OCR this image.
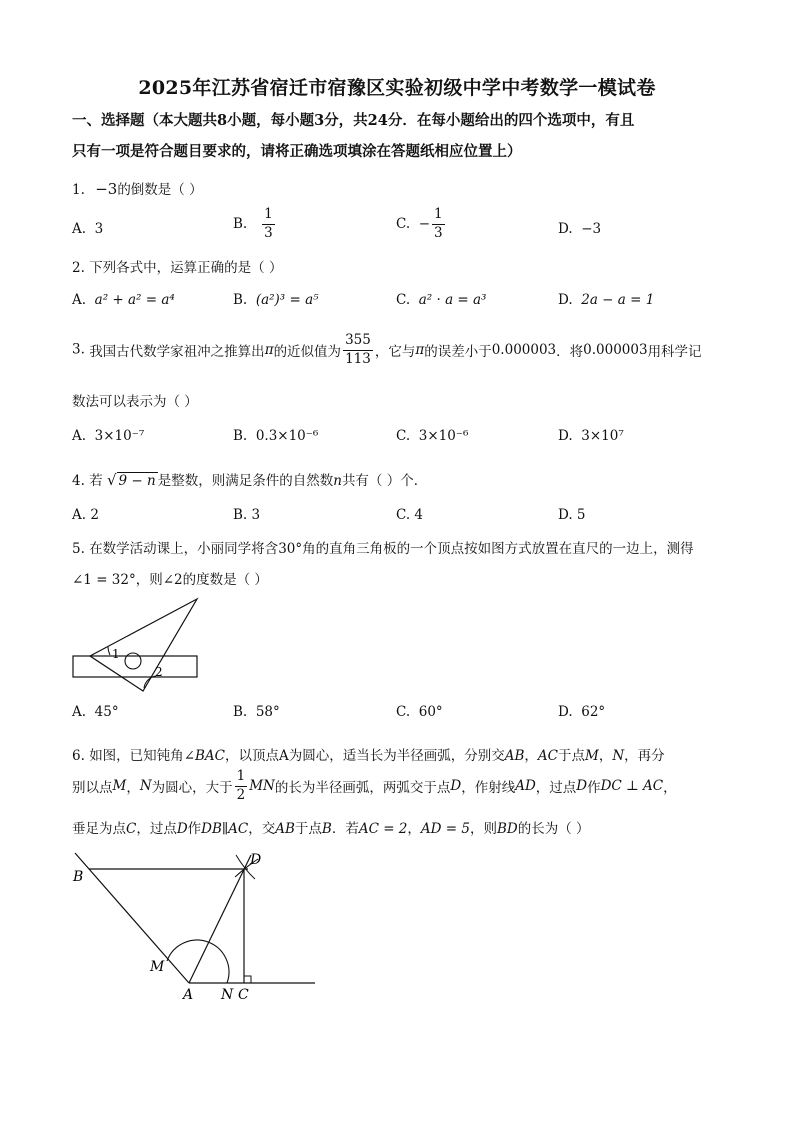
2025年江苏省宿迁市宿豫区实验初级中学中考数学一模试卷
一、选择题（本大题共8小题，每小题3分，共24分．在每小题给出的四个选项中，有且
只有一项是符合题目要求的，请将正确选项填涂在答题纸相应位置上）
1. −3的倒数是（ ）
A. 3	B. $\frac{1}{3}$	C. − $\frac{1}{3}$	D. −3
2. 下列各式中，运算正确的是（ ）
A. a² + a² = a⁴	B. (a²)³ = a⁵	C. a² · a = a³	D. 2a − a = 1
3. 我国古代数学家祖冲之推算出π的近似值为 $\frac{355}{113}$ ，它与π的误差小于0.000003．将0.000003用科学记
数法可以表示为（ ）
A. 3×10⁻⁷	B. 0.3×10⁻⁶	C. 3×10⁻⁶	D. 3×10⁷
4. 若 √ 9 − n 是整数，则满足条件的自然数n共有（ ）个．
A. 2	B. 3	C. 4	D. 5
5. 在数学活动课上，小丽同学将含30°角的直角三角板的一个顶点按如图方式放置在直尺的一边上，测得
∠1 = 32°，则∠2的度数是（ ）
1
2
A. 45°	B. 58°	C. 60°	D. 62°
6. 如图，已知钝角∠BAC，以顶点A为圆心，适当长为半径画弧，分别交AB，AC于点M，N，再分
别以点M，N为圆心，大于 $\frac{1}{2}$ MN的长为半径画弧，两弧交于点D，作射线AD，过点D作DC ⊥ AC，
垂足为点C，过点D作DB∥AC，交AB于点B．若AC = 2，AD = 5，则BD的长为（ ）
B
D
M
A N C
